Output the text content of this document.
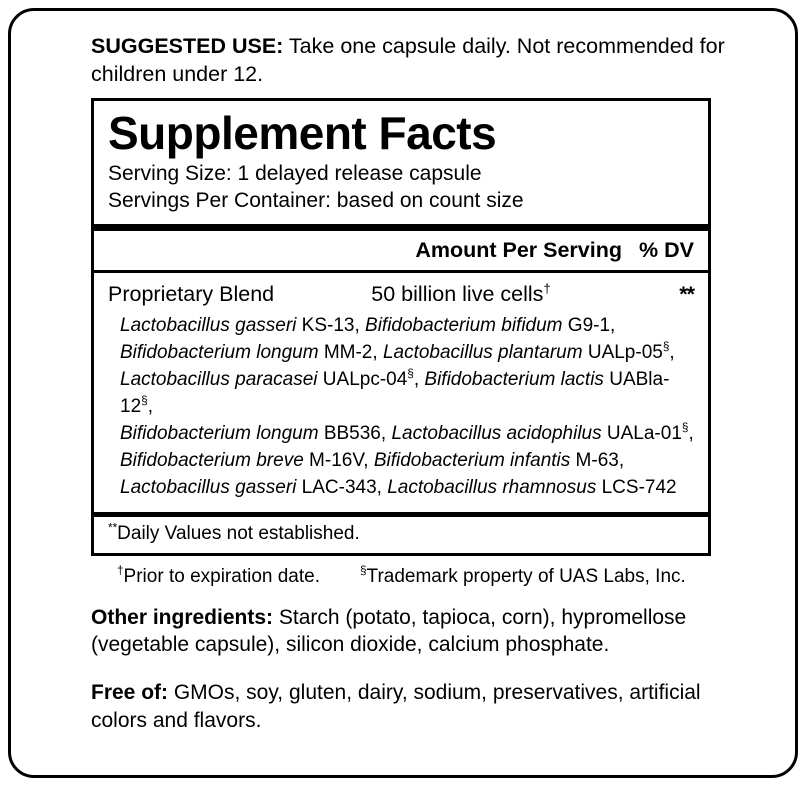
SUGGESTED USE: Take one capsule daily. Not recommended for children under 12.

Supplement Facts
Serving Size: 1 delayed release capsule
Servings Per Container: based on count size
Amount Per Serving % DV
Proprietary Blend	50 billion live cells†	**
Lactobacillus gasseri KS-13, Bifidobacterium bifidum G9-1,
Bifidobacterium longum MM-2, Lactobacillus plantarum UALp-05§,
Lactobacillus paracasei UALpc-04§, Bifidobacterium lactis UABla-12§,
Bifidobacterium longum BB536, Lactobacillus acidophilus UALa-01§,
Bifidobacterium breve M-16V, Bifidobacterium infantis M-63,
Lactobacillus gasseri LAC-343, Lactobacillus rhamnosus LCS-742
**Daily Values not established.
†Prior to expiration date.	§Trademark property of UAS Labs, Inc.

Other ingredients: Starch (potato, tapioca, corn), hypromellose (vegetable capsule), silicon dioxide, calcium phosphate.

Free of: GMOs, soy, gluten, dairy, sodium, preservatives, artificial colors and flavors.
